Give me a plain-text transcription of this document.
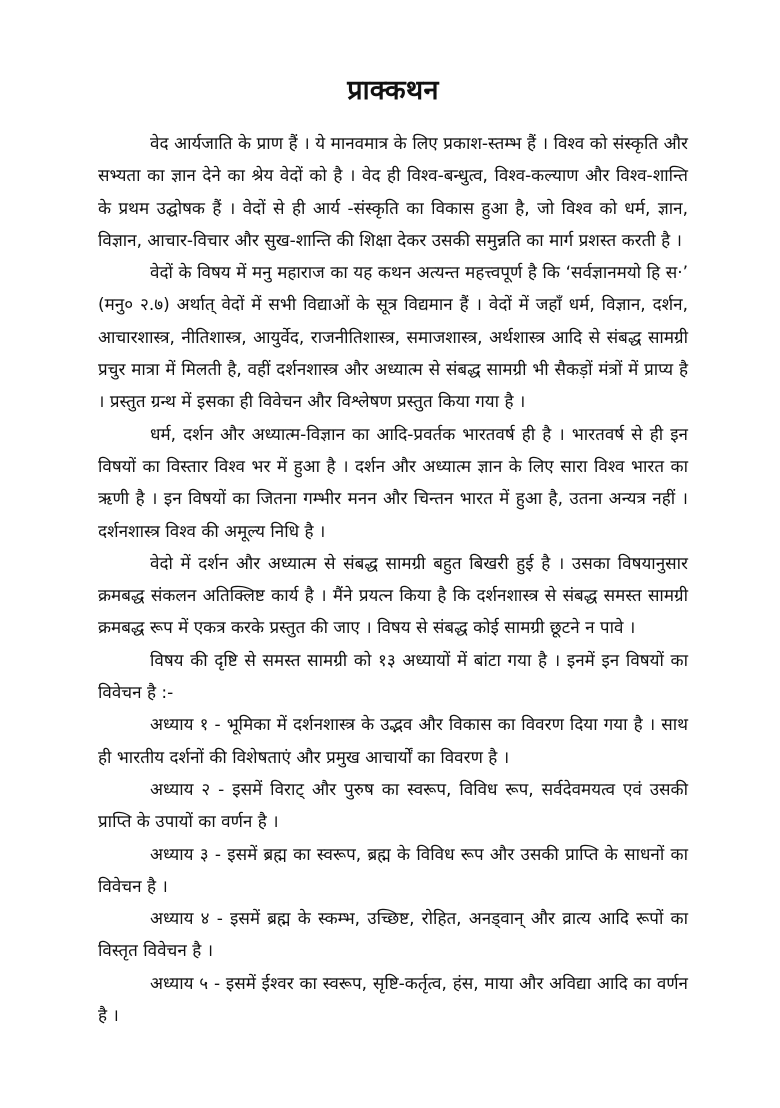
प्राक्कथन

वेद आर्यजाति के प्राण हैं । ये मानवमात्र के लिए प्रकाश-स्तम्भ हैं । विश्व को संस्कृति और सभ्यता का ज्ञान देने का श्रेय वेदों को है । वेद ही विश्व-बन्धुत्व, विश्व-कल्याण और विश्व-शान्ति के प्रथम उद्घोषक हैं । वेदों से ही आर्य -संस्कृति का विकास हुआ है, जो विश्व को धर्म, ज्ञान, विज्ञान, आचार-विचार और सुख-शान्ति की शिक्षा देकर उसकी समुन्नति का मार्ग प्रशस्त करती है ।

वेदों के विषय में मनु महाराज का यह कथन अत्यन्त महत्त्वपूर्ण है कि ‘सर्वज्ञानमयो हि स·’ (मनु० २.७) अर्थात् वेदों में सभी विद्याओं के सूत्र विद्यमान हैं । वेदों में जहाँ धर्म, विज्ञान, दर्शन, आचारशास्त्र, नीतिशास्त्र, आयुर्वेद, राजनीतिशास्त्र, समाजशास्त्र, अर्थशास्त्र आदि से संबद्ध सामग्री प्रचुर मात्रा में मिलती है, वहीं दर्शनशास्त्र और अध्यात्म से संबद्ध सामग्री भी सैकड़ों मंत्रों में प्राप्य है । प्रस्तुत ग्रन्थ में इसका ही विवेचन और विश्लेषण प्रस्तुत किया गया है ।

धर्म, दर्शन और अध्यात्म-विज्ञान का आदि-प्रवर्तक भारतवर्ष ही है । भारतवर्ष से ही इन विषयों का विस्तार विश्व भर में हुआ है । दर्शन और अध्यात्म ज्ञान के लिए सारा विश्व भारत का ऋणी है । इन विषयों का जितना गम्भीर मनन और चिन्तन भारत में हुआ है, उतना अन्यत्र नहीं । दर्शनशास्त्र विश्व की अमूल्य निधि है ।

वेदो में दर्शन और अध्यात्म से संबद्ध सामग्री बहुत बिखरी हुई है । उसका विषयानुसार क्रमबद्ध संकलन अतिक्लिष्ट कार्य है । मैंने प्रयत्न किया है कि दर्शनशास्त्र से संबद्ध समस्त सामग्री क्रमबद्ध रूप में एकत्र करके प्रस्तुत की जाए । विषय से संबद्ध कोई सामग्री छूटने न पावे ।

विषय की दृष्टि से समस्त सामग्री को १३ अध्यायों में बांटा गया है । इनमें इन विषयों का विवेचन है :-

अध्याय १ - भूमिका में दर्शनशास्त्र के उद्भव और विकास का विवरण दिया गया है । साथ ही भारतीय दर्शनों की विशेषताएं और प्रमुख आचार्यों का विवरण है ।

अध्याय २ - इसमें विराट् और पुरुष का स्वरूप, विविध रूप, सर्वदेवमयत्व एवं उसकी प्राप्ति के उपायों का वर्णन है ।

अध्याय ३ - इसमें ब्रह्म का स्वरूप, ब्रह्म के विविध रूप और उसकी प्राप्ति के साधनों का विवेचन है ।

अध्याय ४ - इसमें ब्रह्म के स्कम्भ, उच्छिष्ट, रोहित, अनड्वान् और व्रात्य आदि रूपों का विस्तृत विवेचन है ।

अध्याय ५ - इसमें ईश्वर का स्वरूप, सृष्टि-कर्तृत्व, हंस, माया और अविद्या आदि का वर्णन है ।
